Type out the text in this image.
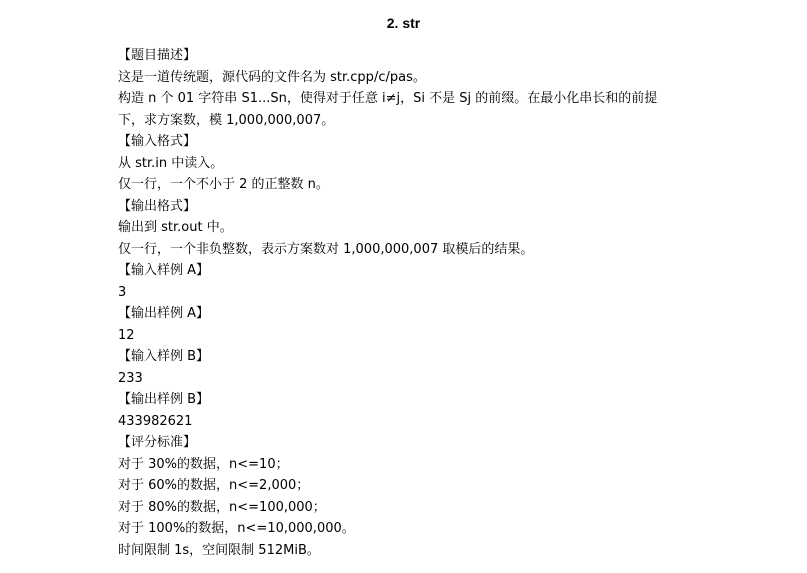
2. str
【题目描述】
这是一道传统题，源代码的文件名为 str.cpp/c/pas。
构造 n 个 01 字符串 S1...Sn，使得对于任意 i≠j，Si 不是 Sj 的前缀。在最小化串长和的前提
下，求方案数，模 1,000,000,007。
【输入格式】
从 str.in 中读入。
仅一行，一个不小于 2 的正整数 n。
【输出格式】
输出到 str.out 中。
仅一行，一个非负整数，表示方案数对 1,000,000,007 取模后的结果。
【输入样例 A】
3
【输出样例 A】
12
【输入样例 B】
233
【输出样例 B】
433982621
【评分标准】
对于 30%的数据，n<=10；
对于 60%的数据，n<=2,000；
对于 80%的数据，n<=100,000；
对于 100%的数据，n<=10,000,000。
时间限制 1s，空间限制 512MiB。
